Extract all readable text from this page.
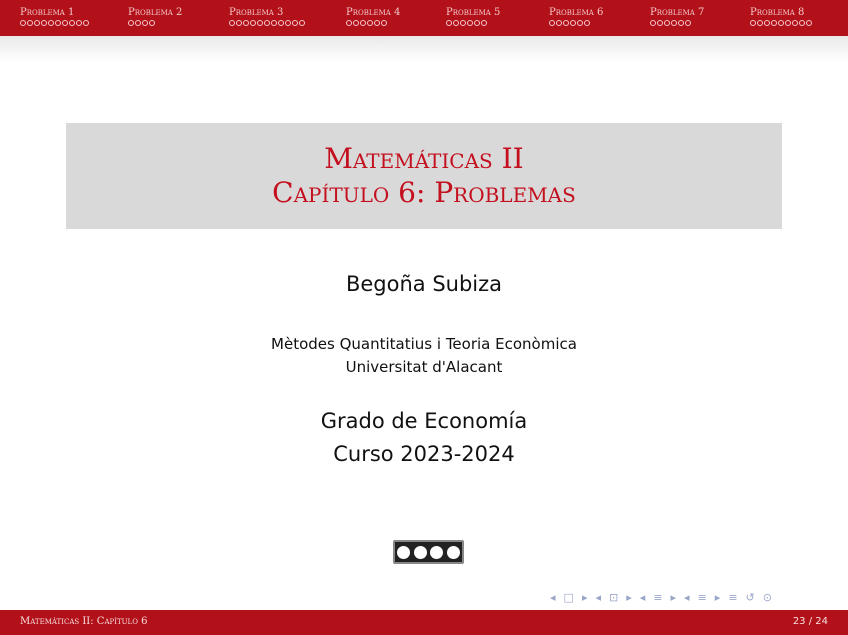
Problema 1	Problema 2	Problema 3	Problema 4	Problema 5	Problema 6	Problema 7	Problema 8
Matemáticas II
Capítulo 6: Problemas
Begoña Subiza
Mètodes Quantitatius i Teoria Econòmica
Universitat d'Alacant
Grado de Economía
Curso 2023-2024
◂ □ ▸ ◂ ⊡ ▸ ◂ ≡ ▸ ◂ ≡ ▸ ≡ ↺ ⊙
Matemáticas II: Capítulo 6	23 / 24
